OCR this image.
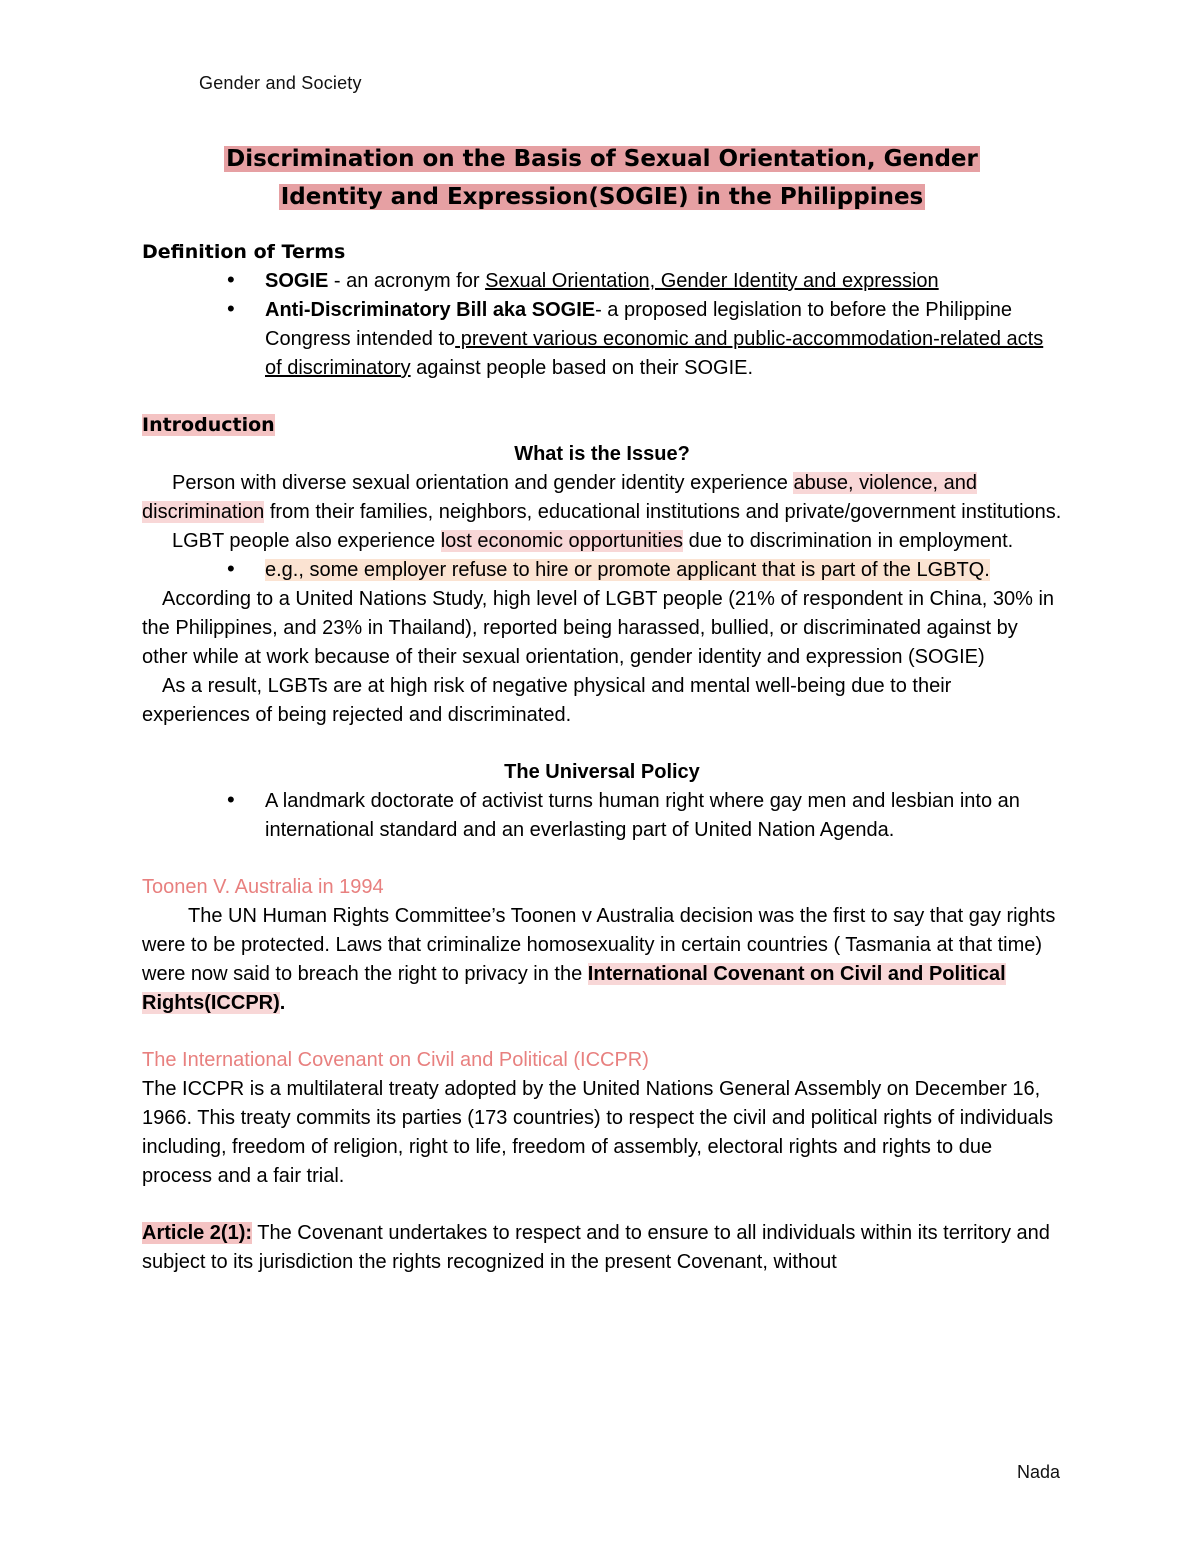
Gender and Society
Discrimination on the Basis of Sexual Orientation, Gender
Identity and Expression(SOGIE) in the Philippines

Definition of Terms

• SOGIE - an acronym for Sexual Orientation, Gender Identity and expression
• Anti-Discriminatory Bill aka SOGIE- a proposed legislation to before the Philippine Congress intended to prevent various economic and public-accommodation-related acts of discriminatory against people based on their SOGIE.

Introduction

What is the Issue?

Person with diverse sexual orientation and gender identity experience abuse, violence, and discrimination from their families, neighbors, educational institutions and private/government institutions.

LGBT people also experience lost economic opportunities due to discrimination in employment.

• e.g., some employer refuse to hire or promote applicant that is part of the LGBTQ.

According to a United Nations Study, high level of LGBT people (21% of respondent in China, 30% in the Philippines, and 23% in Thailand), reported being harassed, bullied, or discriminated against by other while at work because of their sexual orientation, gender identity and expression (SOGIE)

As a result, LGBTs are at high risk of negative physical and mental well-being due to their experiences of being rejected and discriminated.

The Universal Policy

• A landmark doctorate of activist turns human right where gay men and lesbian into an international standard and an everlasting part of United Nation Agenda.

Toonen V. Australia in 1994

The UN Human Rights Committee’s Toonen v Australia decision was the first to say that gay rights were to be protected. Laws that criminalize homosexuality in certain countries ( Tasmania at that time) were now said to breach the right to privacy in the International Covenant on Civil and Political Rights(ICCPR).

The International Covenant on Civil and Political (ICCPR)

The ICCPR is a multilateral treaty adopted by the United Nations General Assembly on December 16, 1966. This treaty commits its parties (173 countries) to respect the civil and political rights of individuals including, freedom of religion, right to life, freedom of assembly, electoral rights and rights to due process and a fair trial.

Article 2(1): The Covenant undertakes to respect and to ensure to all individuals within its territory and subject to its jurisdiction the rights recognized in the present Covenant, without

Nada
